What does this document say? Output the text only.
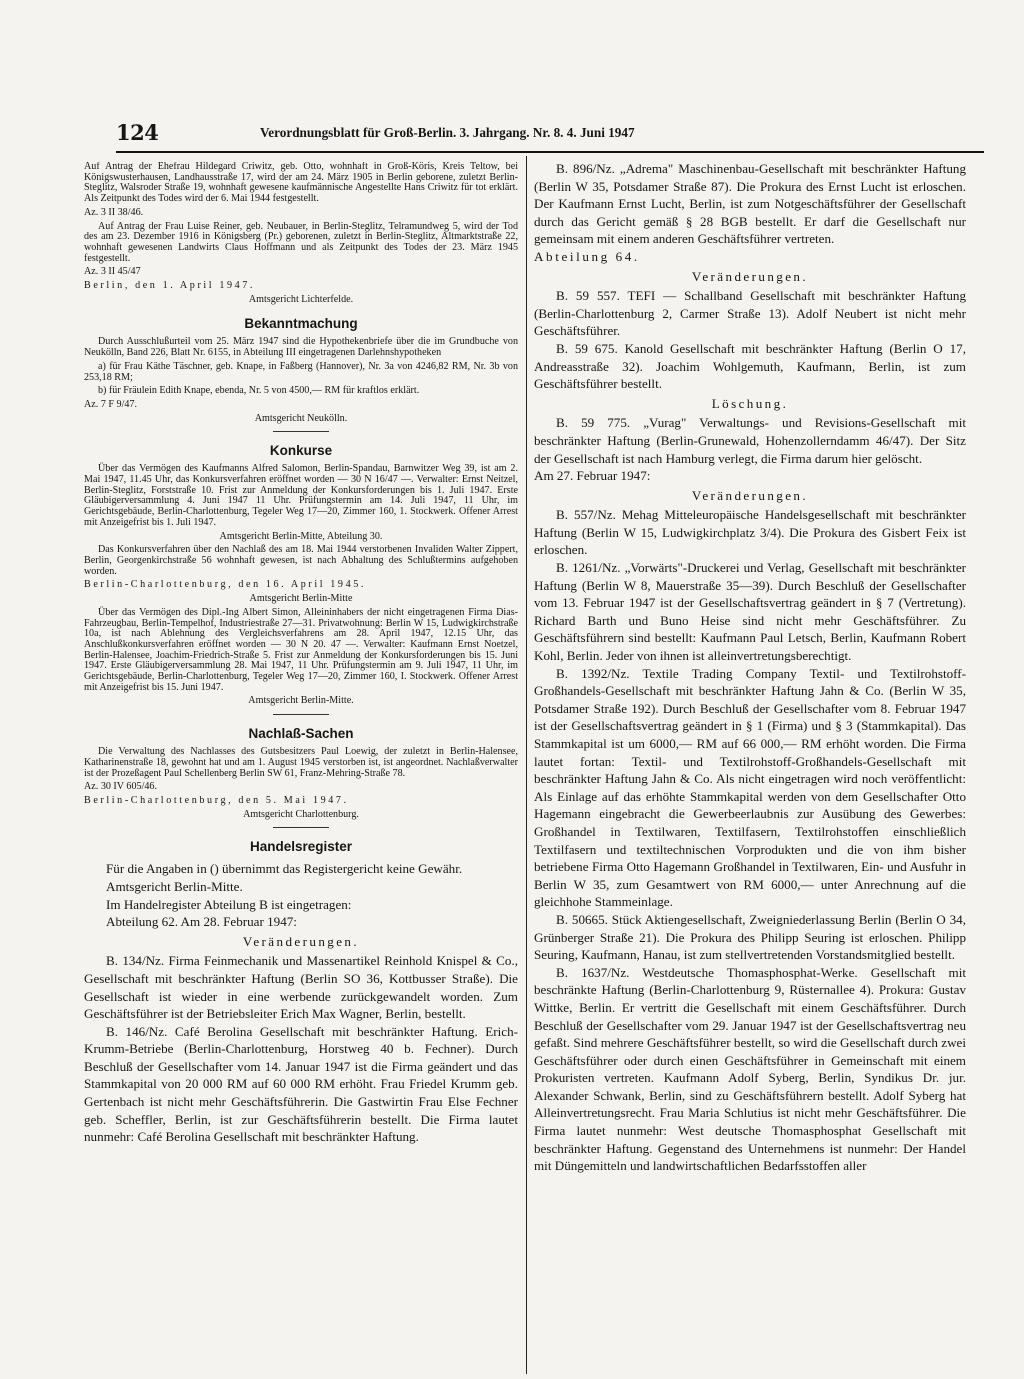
124	Verordnungsblatt für Groß-Berlin. 3. Jahrgang. Nr. 8. 4. Juni 1947

Auf Antrag der Ehefrau Hildegard Criwitz, geb. Otto, wohnhaft in Groß-Köris, Kreis Teltow, bei Königswusterhausen, Landhausstraße 17, wird der am 24. März 1905 in Berlin geborene, zuletzt Berlin-Steglitz, Walsroder Straße 19, wohnhaft gewesene kaufmännische Angestellte Hans Criwitz für tot erklärt. Als Zeitpunkt des Todes wird der 6. Mai 1944 festgestellt.

Az. 3 II 38/46.

Auf Antrag der Frau Luise Reiner, geb. Neubauer, in Berlin-Steglitz, Telramundweg 5, wird der Tod des am 23. Dezember 1916 in Königsberg (Pr.) geborenen, zuletzt in Berlin-Steglitz, Altmarktstraße 22, wohnhaft gewesenen Landwirts Claus Hoffmann und als Zeitpunkt des Todes der 23. März 1945 festgestellt.

Az. 3 II 45/47

Berlin, den 1. April 1947.

Amtsgericht Lichterfelde.

Bekanntmachung

Durch Ausschlußurteil vom 25. März 1947 sind die Hypothekenbriefe über die im Grundbuche von Neukölln, Band 226, Blatt Nr. 6155, in Abteilung III eingetragenen Darlehnshypotheken

a) für Frau Käthe Täschner, geb. Knape, in Faßberg (Hannover), Nr. 3a von 4246,82 RM, Nr. 3b von 253,18 RM;

b) für Fräulein Edith Knape, ebenda, Nr. 5 von 4500,— RM für kraftlos erklärt.

Az. 7 F 9/47.

Amtsgericht Neukölln.

Konkurse

Über das Vermögen des Kaufmanns Alfred Salomon, Berlin-Spandau, Barnwitzer Weg 39, ist am 2. Mai 1947, 11.45 Uhr, das Konkursverfahren eröffnet worden — 30 N 16/47 —. Verwalter: Ernst Neitzel, Berlin-Steglitz, Forststraße 10. Frist zur Anmeldung der Konkursforderungen bis 1. Juli 1947. Erste Gläubigerversammlung 4. Juni 1947 11 Uhr. Prüfungstermin am 14. Juli 1947, 11 Uhr, im Gerichtsgebäude, Berlin-Charlottenburg, Tegeler Weg 17—20, Zimmer 160, 1. Stockwerk. Offener Arrest mit Anzeigefrist bis 1. Juli 1947.

Amtsgericht Berlin-Mitte, Abteilung 30.

Das Konkursverfahren über den Nachlaß des am 18. Mai 1944 verstorbenen Invaliden Walter Zippert, Berlin, Georgenkirchstraße 56 wohnhaft gewesen, ist nach Abhaltung des Schlußtermins aufgehoben worden.

Berlin-Charlottenburg, den 16. April 1945.

Amtsgericht Berlin-Mitte

Über das Vermögen des Dipl.-Ing Albert Simon, Alleininhabers der nicht eingetragenen Firma Dias-Fahrzeugbau, Berlin-Tempelhof, Industriestraße 27—31. Privatwohnung: Berlin W 15, Ludwigkirchstraße 10a, ist nach Ablehnung des Vergleichsverfahrens am 28. April 1947, 12.15 Uhr, das Anschlußkonkursverfahren eröffnet worden — 30 N 20. 47 —. Verwalter: Kaufmann Ernst Noetzel, Berlin-Halensee, Joachim-Friedrich-Straße 5. Frist zur Anmeldung der Konkursforderungen bis 15. Juni 1947. Erste Gläubigerversammlung 28. Mai 1947, 11 Uhr. Prüfungstermin am 9. Juli 1947, 11 Uhr, im Gerichtsgebäude, Berlin-Charlottenburg, Tegeler Weg 17—20, Zimmer 160, I. Stockwerk. Offener Arrest mit Anzeigefrist bis 15. Juni 1947.

Amtsgericht Berlin-Mitte.

Nachlaß-Sachen

Die Verwaltung des Nachlasses des Gutsbesitzers Paul Loewig, der zuletzt in Berlin-Halensee, Katharinenstraße 18, gewohnt hat und am 1. August 1945 verstorben ist, ist angeordnet. Nachlaßverwalter ist der Prozeßagent Paul Schellenberg Berlin SW 61, Franz-Mehring-Straße 78.

Az. 30 IV 605/46.

Berlin-Charlottenburg, den 5. Mai 1947.

Amtsgericht Charlottenburg.

Handelsregister

Für die Angaben in () übernimmt das Registergericht keine Gewähr.

Amtsgericht Berlin-Mitte.

Im Handelregister Abteilung B ist eingetragen:

Abteilung 62. Am 28. Februar 1947:

Veränderungen.

B. 134/Nz. Firma Feinmechanik und Massenartikel Reinhold Knispel & Co., Gesellschaft mit beschränkter Haftung (Berlin SO 36, Kottbusser Straße). Die Gesellschaft ist wieder in eine werbende zurückgewandelt worden. Zum Geschäftsführer ist der Betriebsleiter Erich Max Wagner, Berlin, bestellt.

B. 146/Nz. Café Berolina Gesellschaft mit beschränkter Haftung. Erich-Krumm-Betriebe (Berlin-Charlottenburg, Horstweg 40 b. Fechner). Durch Beschluß der Gesellschafter vom 14. Januar 1947 ist die Firma geändert und das Stammkapital von 20 000 RM auf 60 000 RM erhöht. Frau Friedel Krumm geb. Gertenbach ist nicht mehr Geschäftsführerin. Die Gastwirtin Frau Else Fechner geb. Scheffler, Berlin, ist zur Geschäftsführerin bestellt. Die Firma lautet nunmehr: Café Berolina Gesellschaft mit beschränkter Haftung.

B. 896/Nz. „Adrema" Maschinenbau-Gesellschaft mit beschränkter Haftung (Berlin W 35, Potsdamer Straße 87). Die Prokura des Ernst Lucht ist erloschen. Der Kaufmann Ernst Lucht, Berlin, ist zum Notgeschäftsführer der Gesellschaft durch das Gericht gemäß § 28 BGB bestellt. Er darf die Gesellschaft nur gemeinsam mit einem anderen Geschäftsführer vertreten.

Abteilung 64.

Veränderungen.

B. 59 557. TEFI — Schallband Gesellschaft mit beschränkter Haftung (Berlin-Charlottenburg 2, Carmer Straße 13). Adolf Neubert ist nicht mehr Geschäftsführer.

B. 59 675. Kanold Gesellschaft mit beschränkter Haftung (Berlin O 17, Andreasstraße 32). Joachim Wohlgemuth, Kaufmann, Berlin, ist zum Geschäftsführer bestellt.

Löschung.

B. 59 775. „Vurag" Verwaltungs- und Revisions-Gesellschaft mit beschränkter Haftung (Berlin-Grunewald, Hohenzollerndamm 46/47). Der Sitz der Gesellschaft ist nach Hamburg verlegt, die Firma darum hier gelöscht.

Am 27. Februar 1947:

Veränderungen.

B. 557/Nz. Mehag Mitteleuropäische Handelsgesellschaft mit beschränkter Haftung (Berlin W 15, Ludwigkirchplatz 3/4). Die Prokura des Gisbert Feix ist erloschen.

B. 1261/Nz. „Vorwärts"-Druckerei und Verlag, Gesellschaft mit beschränkter Haftung (Berlin W 8, Mauerstraße 35—39). Durch Beschluß der Gesellschafter vom 13. Februar 1947 ist der Gesellschaftsvertrag geändert in § 7 (Vertretung). Richard Barth und Buno Heise sind nicht mehr Geschäftsführer. Zu Geschäftsführern sind bestellt: Kaufmann Paul Letsch, Berlin, Kaufmann Robert Kohl, Berlin. Jeder von ihnen ist alleinvertretungsberechtigt.

B. 1392/Nz. Textile Trading Company Textil- und Textilrohstoff-Großhandels-Gesellschaft mit beschränkter Haftung Jahn & Co. (Berlin W 35, Potsdamer Straße 192). Durch Beschluß der Gesellschafter vom 8. Februar 1947 ist der Gesellschaftsvertrag geändert in § 1 (Firma) und § 3 (Stammkapital). Das Stammkapital ist um 6000,— RM auf 66 000,— RM erhöht worden. Die Firma lautet fortan: Textil- und Textilrohstoff-Großhandels-Gesellschaft mit beschränkter Haftung Jahn & Co. Als nicht eingetragen wird noch veröffentlicht: Als Einlage auf das erhöhte Stammkapital werden von dem Gesellschafter Otto Hagemann eingebracht die Gewerbeerlaubnis zur Ausübung des Gewerbes: Großhandel in Textilwaren, Textilfasern, Textilrohstoffen einschließlich Textilfasern und textiltechnischen Vorprodukten und die von ihm bisher betriebene Firma Otto Hagemann Großhandel in Textilwaren, Ein- und Ausfuhr in Berlin W 35, zum Gesamtwert von RM 6000,— unter Anrechnung auf die gleichhohe Stammeinlage.

B. 50665. Stück Aktiengesellschaft, Zweigniederlassung Berlin (Berlin O 34, Grünberger Straße 21). Die Prokura des Philipp Seuring ist erloschen. Philipp Seuring, Kaufmann, Hanau, ist zum stellvertretenden Vorstandsmitglied bestellt.

B. 1637/Nz. Westdeutsche Thomasphosphat-Werke. Gesellschaft mit beschränkte Haftung (Berlin-Charlottenburg 9, Rüsternallee 4). Prokura: Gustav Wittke, Berlin. Er vertritt die Gesellschaft mit einem Geschäftsführer. Durch Beschluß der Gesellschafter vom 29. Januar 1947 ist der Gesellschaftsvertrag neu gefaßt. Sind mehrere Geschäftsführer bestellt, so wird die Gesellschaft durch zwei Geschäftsführer oder durch einen Geschäftsführer in Gemeinschaft mit einem Prokuristen vertreten. Kaufmann Adolf Syberg, Berlin, Syndikus Dr. jur. Alexander Schwank, Berlin, sind zu Geschäftsführern bestellt. Adolf Syberg hat Alleinvertretungsrecht. Frau Maria Schlutius ist nicht mehr Geschäftsführer. Die Firma lautet nunmehr: West deutsche Thomasphosphat Gesellschaft mit beschränkter Haftung. Gegenstand des Unternehmens ist nunmehr: Der Handel mit Düngemitteln und landwirtschaftlichen Bedarfsstoffen aller
